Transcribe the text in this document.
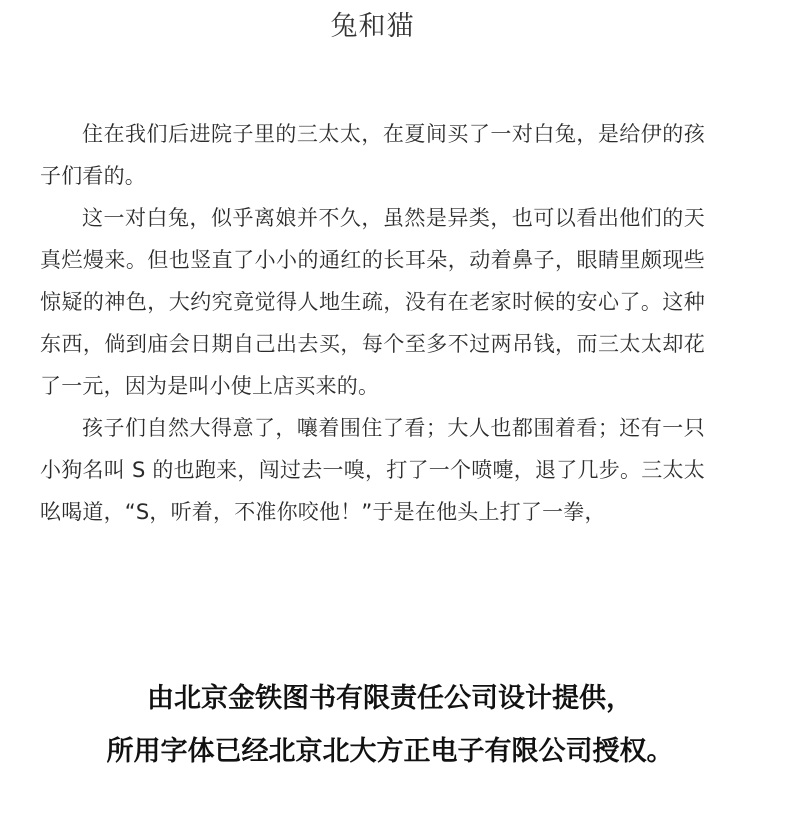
兔和猫

住在我们后进院子里的三太太，在夏间买了一对白兔，是给伊的孩子们看的。

这一对白兔，似乎离娘并不久，虽然是异类，也可以看出他们的天真烂熳来。但也竖直了小小的通红的长耳朵，动着鼻子，眼睛里颇现些惊疑的神色，大约究竟觉得人地生疏，没有在老家时候的安心了。这种东西，倘到庙会日期自己出去买，每个至多不过两吊钱，而三太太却花了一元，因为是叫小使上店买来的。

孩子们自然大得意了，嚷着围住了看；大人也都围着看；还有一只小狗名叫 S 的也跑来，闯过去一嗅，打了一个喷嚏，退了几步。三太太吆喝道，“S，听着，不准你咬他！”于是在他头上打了一拳，

由北京金铁图书有限责任公司设计提供，
所用字体已经北京北大方正电子有限公司授权。
